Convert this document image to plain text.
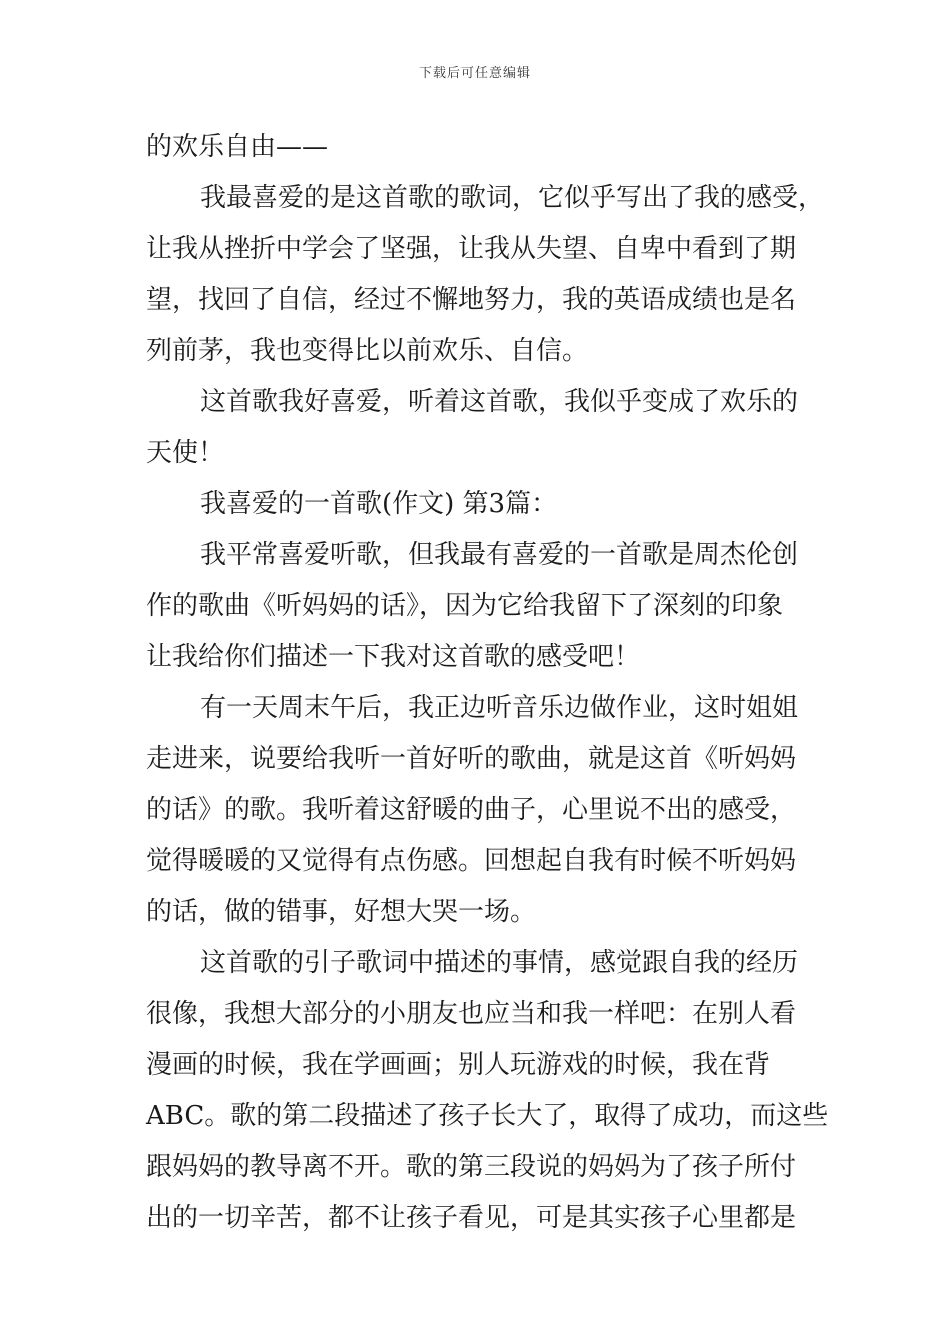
下载后可任意编辑
的欢乐自由——
我最喜爱的是这首歌的歌词，它似乎写出了我的感受，
让我从挫折中学会了坚强，让我从失望、自卑中看到了期
望，找回了自信，经过不懈地努力，我的英语成绩也是名
列前茅，我也变得比以前欢乐、自信。
这首歌我好喜爱，听着这首歌，我似乎变成了欢乐的
天使！
我喜爱的一首歌(作文) 第3篇：
我平常喜爱听歌，但我最有喜爱的一首歌是周杰伦创
作的歌曲《听妈妈的话》，因为它给我留下了深刻的印象
让我给你们描述一下我对这首歌的感受吧！
有一天周末午后，我正边听音乐边做作业，这时姐姐
走进来，说要给我听一首好听的歌曲，就是这首《听妈妈
的话》的歌。我听着这舒暖的曲子，心里说不出的感受，
觉得暖暖的又觉得有点伤感。回想起自我有时候不听妈妈
的话，做的错事，好想大哭一场。
这首歌的引子歌词中描述的事情，感觉跟自我的经历
很像，我想大部分的小朋友也应当和我一样吧：在别人看
漫画的时候，我在学画画；别人玩游戏的时候，我在背
ABC。歌的第二段描述了孩子长大了，取得了成功，而这些
跟妈妈的教导离不开。歌的第三段说的妈妈为了孩子所付
出的一切辛苦，都不让孩子看见，可是其实孩子心里都是
